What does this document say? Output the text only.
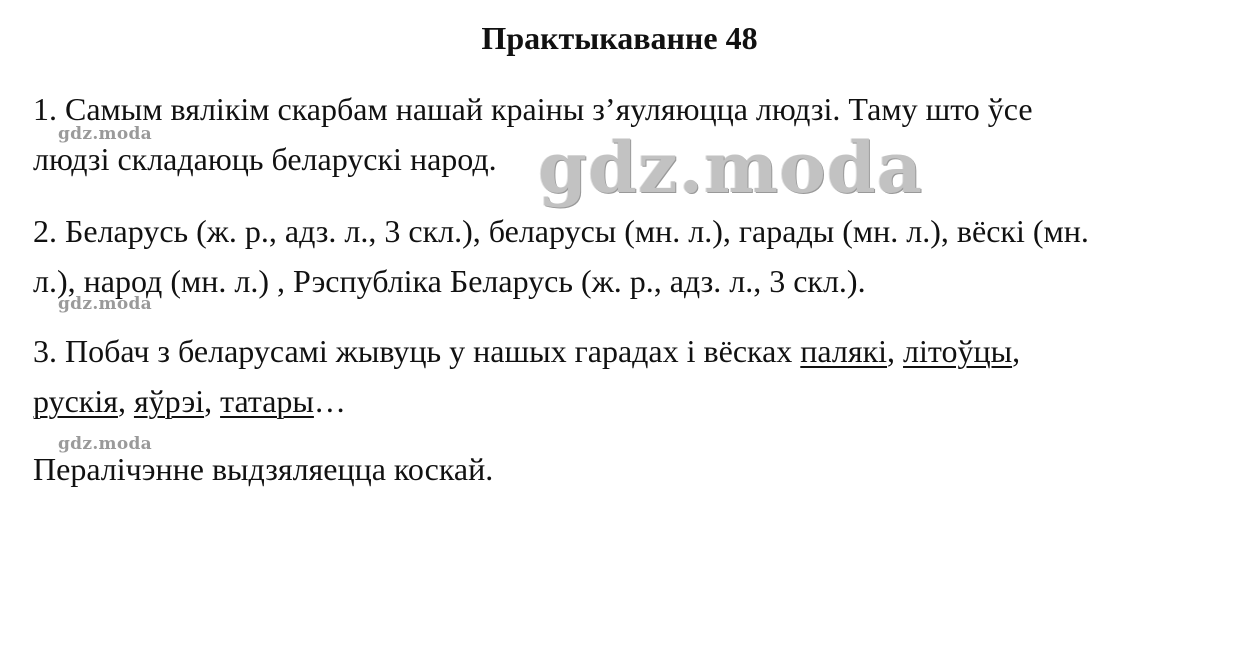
Практыкаванне 48
1. Самым вялікім скарбам нашай краіны з’яуляюцца людзі. Таму што ўсе
людзі складаюць беларускі народ.
2. Беларусь (ж. р., адз. л., 3 скл.), беларусы (мн. л.), гарады (мн. л.), вёскі (мн.
л.), народ (мн. л.) , Рэспубліка Беларусь (ж. р., адз. л., 3 скл.).
3. Побач з беларусамі жывуць у нашых гарадах і вёсках палякі, літоўцы,
рускія, яўрэі, татары…
Пералічэнне выдзяляецца коскай.
gdz.moda
gdz.moda
gdz.moda
gdz.moda
